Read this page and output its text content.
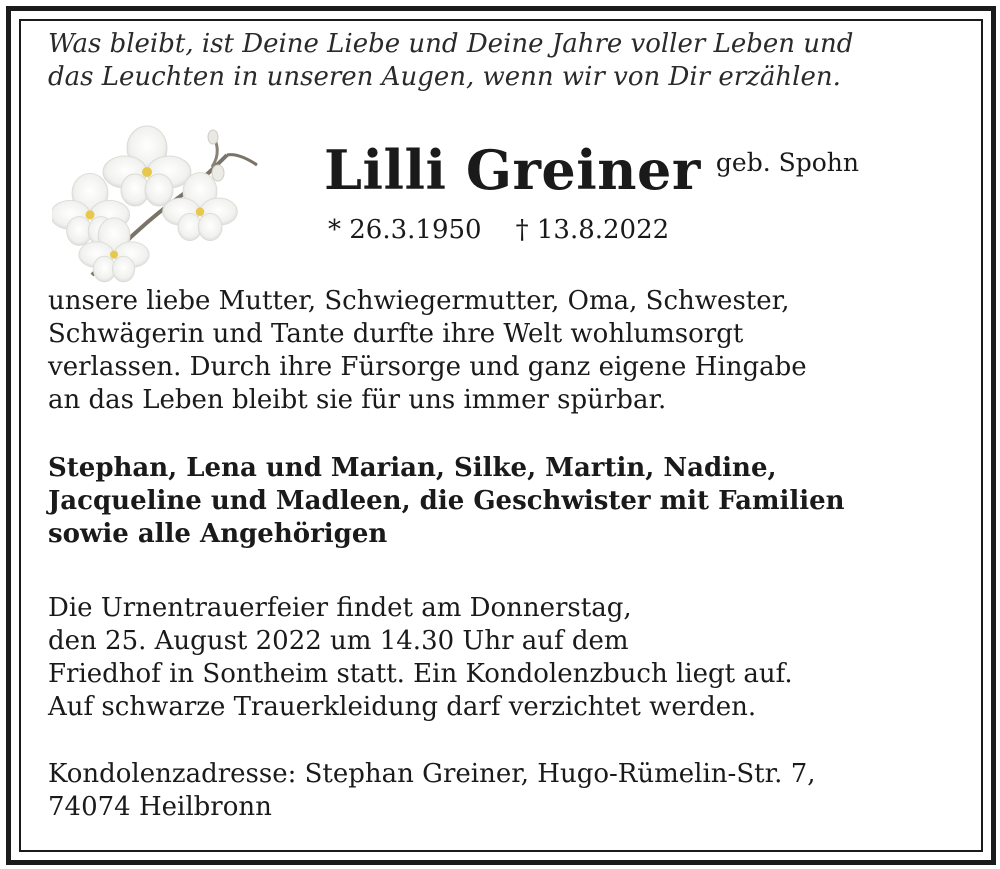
Was bleibt, ist Deine Liebe und Deine Jahre voller Leben und
das Leuchten in unseren Augen, wenn wir von Dir erzählen.
Lilli Greiner geb. Spohn
* 26.3.1950 † 13.8.2022
unsere liebe Mutter, Schwiegermutter, Oma, Schwester,
Schwägerin und Tante durfte ihre Welt wohlumsorgt
verlassen. Durch ihre Fürsorge und ganz eigene Hingabe
an das Leben bleibt sie für uns immer spürbar.
Stephan, Lena und Marian, Silke, Martin, Nadine,
Jacqueline und Madleen, die Geschwister mit Familien
sowie alle Angehörigen
Die Urnentrauerfeier findet am Donnerstag,
den 25. August 2022 um 14.30 Uhr auf dem
Friedhof in Sontheim statt. Ein Kondolenzbuch liegt auf.
Auf schwarze Trauerkleidung darf verzichtet werden.
Kondolenzadresse: Stephan Greiner, Hugo-Rümelin-Str. 7,
74074 Heilbronn
